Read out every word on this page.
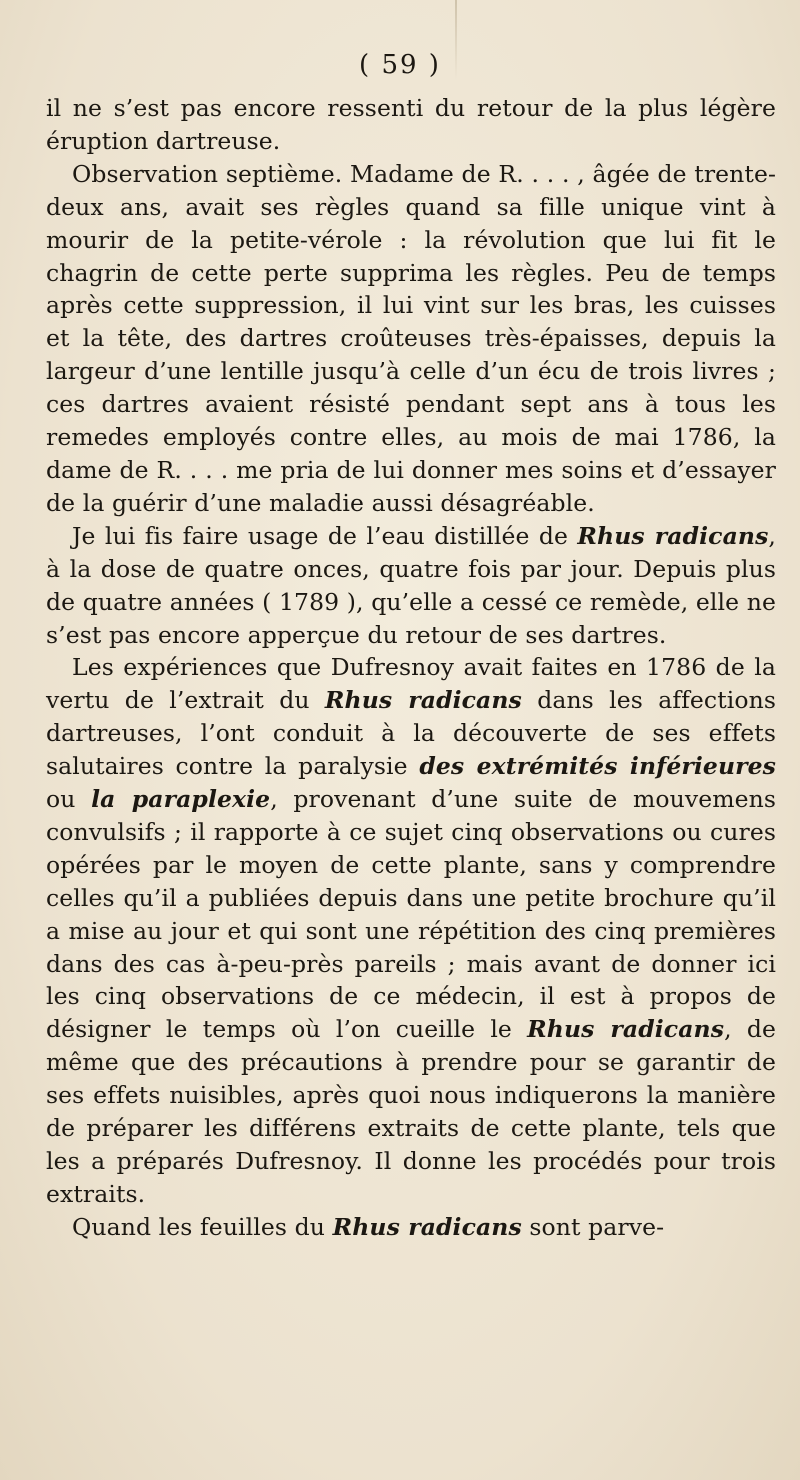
( 59 )

il ne s’est pas encore ressenti du retour de la plus légère éruption dartreuse.

Observation septième. Madame de R. . . . , âgée de trente-deux ans, avait ses règles quand sa fille unique vint à mourir de la petite-vérole : la révolution que lui fit le chagrin de cette perte supprima les règles. Peu de temps après cette suppression, il lui vint sur les bras, les cuisses et la tête, des dartres croûteuses très-épaisses, depuis la largeur d’une lentille jusqu’à celle d’un écu de trois livres ; ces dartres avaient résisté pendant sept ans à tous les remedes employés contre elles, au mois de mai 1786, la dame de R. . . . me pria de lui donner mes soins et d’essayer de la guérir d’une maladie aussi désagréable.

Je lui fis faire usage de l’eau distillée de Rhus radicans, à la dose de quatre onces, quatre fois par jour. Depuis plus de quatre années ( 1789 ), qu’elle a cessé ce remède, elle ne s’est pas encore apperçue du retour de ses dartres.

Les expériences que Dufresnoy avait faites en 1786 de la vertu de l’extrait du Rhus radicans dans les affections dartreuses, l’ont conduit à la découverte de ses effets salutaires contre la paralysie des extrémités inférieures ou la paraplexie, provenant d’une suite de mouvemens convulsifs ; il rapporte à ce sujet cinq observations ou cures opérées par le moyen de cette plante, sans y comprendre celles qu’il a publiées depuis dans une petite brochure qu’il a mise au jour et qui sont une répétition des cinq premières dans des cas à-peu-près pareils ; mais avant de donner ici les cinq observations de ce médecin, il est à propos de désigner le temps où l’on cueille le Rhus radicans, de même que des précautions à prendre pour se garantir de ses effets nuisibles, après quoi nous indiquerons la manière de préparer les différens extraits de cette plante, tels que les a préparés Dufresnoy. Il donne les procédés pour trois extraits.

Quand les feuilles du Rhus radicans sont parve-
